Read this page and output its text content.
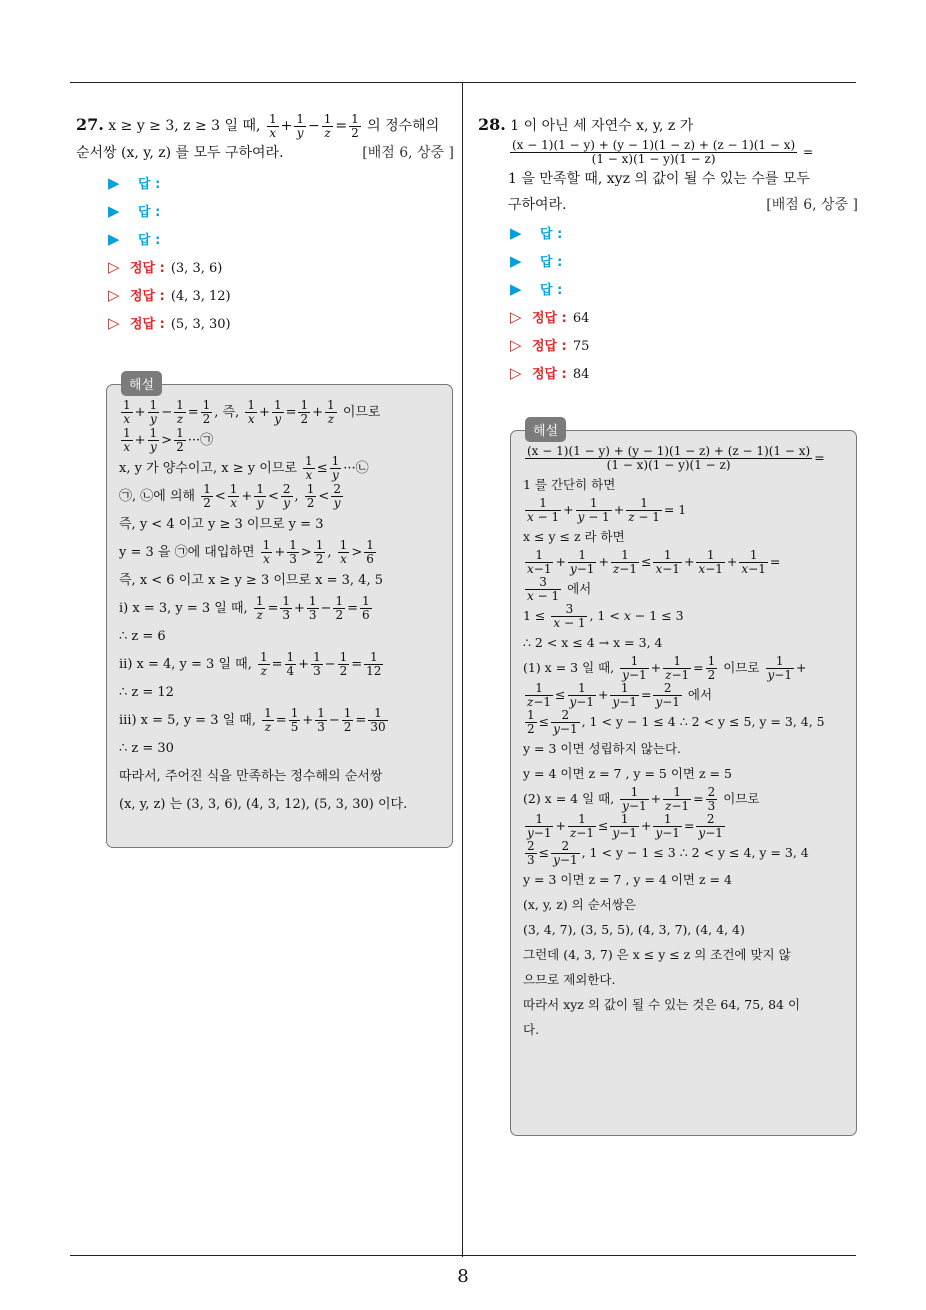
8
27. x ≥ y ≥ 3, z ≥ 3 일 때, $\frac{1}{x} + \frac{1}{y} - \frac{1}{z} = \frac{1}{2}$ 의 정수해의
순서쌍 (x, y, z) 를 모두 구하여라.	[배점 6, 상중 ]
▶ 답 :
▶ 답 :
▶ 답 :
▷ 정답 : (3, 3, 6)
▷ 정답 : (4, 3, 12)
▷ 정답 : (5, 3, 30)
해설
$\frac{1}{x} + \frac{1}{y} - \frac{1}{z} = \frac{1}{2}$ , 즉, $\frac{1}{x} + \frac{1}{y} = \frac{1}{2} + \frac{1}{z}$ 이므로
$\frac{1}{x} + \frac{1}{y} > \frac{1}{2}$ ···㉠
x, y 가 양수이고, x ≥ y 이므로 $\frac{1}{x} \le \frac{1}{y}$ ···㉡
㉠, ㉡에 의해 $\frac{1}{2} < \frac{1}{x} + \frac{1}{y} < \frac{2}{y}$ , $\frac{1}{2} < \frac{2}{y}$
즉, y < 4 이고 y ≥ 3 이므로 y = 3
y = 3 을 ㉠에 대입하면 $\frac{1}{x} + \frac{1}{3} > \frac{1}{2}$ , $\frac{1}{x} > \frac{1}{6}$
즉, x < 6 이고 x ≥ y ≥ 3 이므로 x = 3, 4, 5
ⅰ) x = 3, y = 3 일 때, $\frac{1}{z} = \frac{1}{3} + \frac{1}{3} - \frac{1}{2} = \frac{1}{6}$
∴ z = 6
ⅱ) x = 4, y = 3 일 때, $\frac{1}{z} = \frac{1}{4} + \frac{1}{3} - \frac{1}{2} = \frac{1}{12}$
∴ z = 12
ⅲ) x = 5, y = 3 일 때, $\frac{1}{z} = \frac{1}{5} + \frac{1}{3} - \frac{1}{2} = \frac{1}{30}$
∴ z = 30
따라서, 주어진 식을 만족하는 정수해의 순서쌍
(x, y, z) 는 (3, 3, 6), (4, 3, 12), (5, 3, 30) 이다.
28. 1 이 아닌 세 자연수 x, y, z 가
$\frac{(x - 1)(1 - y) + (y - 1)(1 - z) + (z - 1)(1 - x)}{(1 - x)(1 - y)(1 - z)}$ =
1 을 만족할 때, xyz 의 값이 될 수 있는 수를 모두
구하여라.	[배점 6, 상중 ]
▶ 답 :
▶ 답 :
▶ 답 :
▷ 정답 : 64
▷ 정답 : 75
▷ 정답 : 84
해설
$\frac{(x - 1)(1 - y) + (y - 1)(1 - z) + (z - 1)(1 - x)}{(1 - x)(1 - y)(1 - z)}$ =
1 를 간단히 하면
$\frac{1}{x - 1} + \frac{1}{y - 1} + \frac{1}{z - 1} = 1$
x ≤ y ≤ z 라 하면
$\frac{1}{x-1} + \frac{1}{y-1} + \frac{1}{z-1} \le \frac{1}{x-1} + \frac{1}{x-1} + \frac{1}{x-1}$ =
$\frac{3}{x - 1}$ 에서
$1 \le \frac{3}{x - 1}$ , 1 < x − 1 ≤ 3
∴ 2 < x ≤ 4 → x = 3, 4
(1) x = 3 일 때, $\frac{1}{y-1} + \frac{1}{z-1} = \frac{1}{2}$ 이므로 $\frac{1}{y-1}$ +
$\frac{1}{z-1} \le \frac{1}{y-1} + \frac{1}{y-1} = \frac{2}{y-1}$ 에서
$\frac{1}{2} \le \frac{2}{y-1}$ , 1 < y − 1 ≤ 4 ∴ 2 < y ≤ 5, y = 3, 4, 5
y = 3 이면 성립하지 않는다.
y = 4 이면 z = 7 , y = 5 이면 z = 5
(2) x = 4 일 때, $\frac{1}{y-1} + \frac{1}{z-1} = \frac{2}{3}$ 이므로
$\frac{1}{y-1} + \frac{1}{z-1} \le \frac{1}{y-1} + \frac{1}{y-1} = \frac{2}{y-1}$
$\frac{2}{3} \le \frac{2}{y-1}$ , 1 < y − 1 ≤ 3 ∴ 2 < y ≤ 4, y = 3, 4
y = 3 이면 z = 7 , y = 4 이면 z = 4
(x, y, z) 의 순서쌍은
(3, 4, 7), (3, 5, 5), (4, 3, 7), (4, 4, 4)
그런데 (4, 3, 7) 은 x ≤ y ≤ z 의 조건에 맞지 않
으므로 제외한다.
따라서 xyz 의 값이 될 수 있는 것은 64, 75, 84 이
다.
